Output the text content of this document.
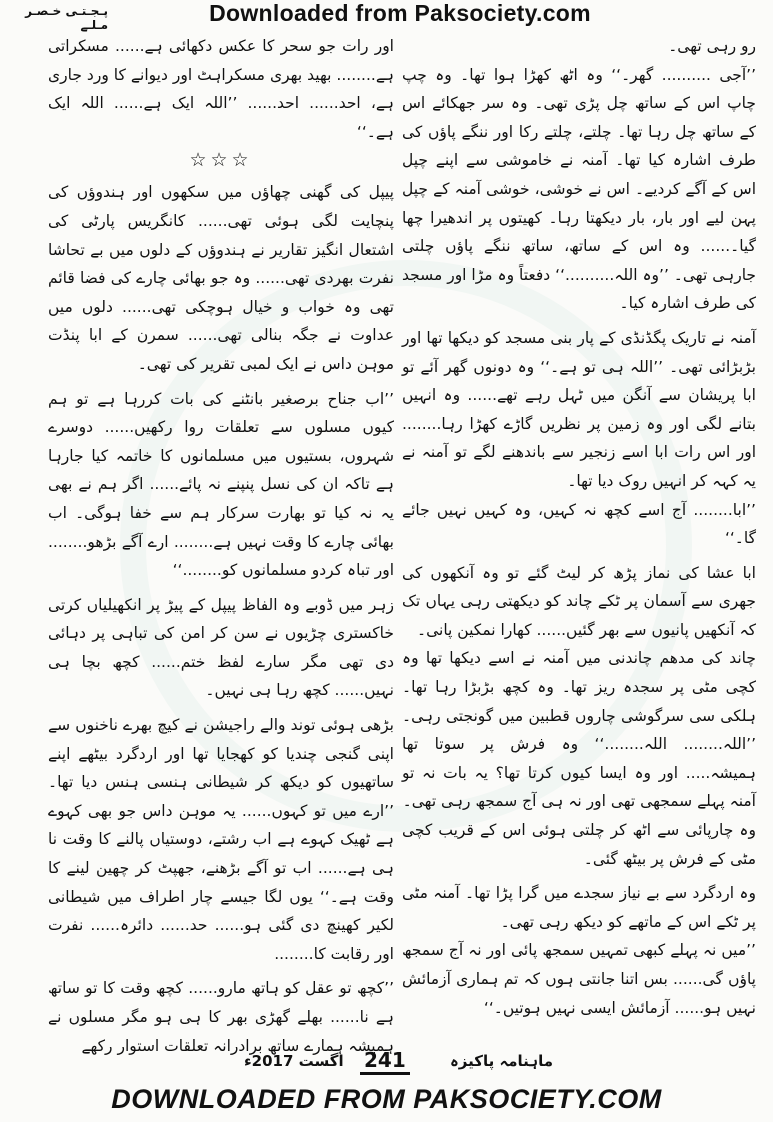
پـجـتـی خـصـر مـلـے	Downloaded from Paksociety.com

رو رہی تھی۔

’’آجی .......... گھر۔‘‘ وہ اٹھ کھڑا ہوا تھا۔ وہ چپ چاپ اس کے ساتھ چل پڑی تھی۔ وہ سر جھکائے اس کے ساتھ چل رہا تھا۔ چلتے، چلتے رکا اور ننگے پاؤں کی طرف اشارہ کیا تھا۔ آمنہ نے خاموشی سے اپنے چپل اس کے آگے کردیے۔ اس نے خوشی، خوشی آمنہ کے چپل پہن لیے اور بار، بار دیکھتا رہا۔ کھیتوں پر اندھیرا چھا گیا۔...... وہ اس کے ساتھ، ساتھ ننگے پاؤں چلتی جارہی تھی۔ ’’وہ اللہ..........‘‘ دفعتاً وہ مڑا اور مسجد کی طرف اشارہ کیا۔

آمنہ نے تاریک پگڈنڈی کے پار بنی مسجد کو دیکھا تھا اور بڑبڑائی تھی۔ ’’اللہ ہی تو ہے۔‘‘ وہ دونوں گھر آئے تو ابا پریشان سے آنگن میں ٹہل رہے تھے...... وہ انہیں بتانے لگی اور وہ زمین پر نظریں گاڑے کھڑا رہا........ اور اس رات ابا اسے زنجیر سے باندھنے لگے تو آمنہ نے یہ کہہ کر انہیں روک دیا تھا۔

’’ابا........ آج اسے کچھ نہ کہیں، وہ کہیں نہیں جائے گا۔‘‘

ابا عشا کی نماز پڑھ کر لیٹ گئے تو وہ آنکھوں کی جھری سے آسمان پر ٹکے چاند کو دیکھتی رہی یہاں تک کہ آنکھیں پانیوں سے بھر گئیں...... کھارا نمکین پانی۔

چاند کی مدھم چاندنی میں آمنہ نے اسے دیکھا تھا وہ کچی مٹی پر سجدہ ریز تھا۔ وہ کچھ بڑبڑا رہا تھا۔ ہلکی سی سرگوشی چاروں قطبین میں گونجتی رہی۔ ’’اللہ........ اللہ........‘‘ وہ فرش پر سوتا تھا ہمیشہ..... اور وہ ایسا کیوں کرتا تھا؟ یہ بات نہ تو آمنہ پہلے سمجھی تھی اور نہ ہی آج سمجھ رہی تھی۔

وہ چارپائی سے اٹھ کر چلتی ہوئی اس کے قریب کچی مٹی کے فرش پر بیٹھ گئی۔

وہ اردگرد سے بے نیاز سجدے میں گرا پڑا تھا۔ آمنہ مٹی پر ٹکے اس کے ماتھے کو دیکھ رہی تھی۔

’’میں نہ پہلے کبھی تمہیں سمجھ پائی اور نہ آج سمجھ پاؤں گی...... بس اتنا جانتی ہوں کہ تم ہماری آزمائش نہیں ہو...... آزمائش ایسی نہیں ہوتیں۔‘‘

اور رات جو سحر کا عکس دکھائی ہے...... مسکراتی ہے........ بھید بھری مسکراہٹ اور دیوانے کا ورد جاری ہے، احد...... احد...... ’’اللہ ایک ہے...... اللہ ایک ہے۔‘‘

☆☆☆

پیپل کی گھنی چھاؤں میں سکھوں اور ہندوؤں کی پنچایت لگی ہوئی تھی...... کانگریس پارٹی کی اشتعال انگیز تقاریر نے ہندوؤں کے دلوں میں بے تحاشا نفرت بھردی تھی...... وہ جو بھائی چارے کی فضا قائم تھی وہ خواب و خیال ہوچکی تھی...... دلوں میں عداوت نے جگہ بنالی تھی...... سمرن کے ابا پنڈت موہن داس نے ایک لمبی تقریر کی تھی۔

’’اب جناح برصغیر بانٹنے کی بات کررہا ہے تو ہم کیوں مسلوں سے تعلقات روا رکھیں...... دوسرے شہروں، بستیوں میں مسلمانوں کا خاتمہ کیا جارہا ہے تاکہ ان کی نسل پنپنے نہ پائے...... اگر ہم نے بھی یہ نہ کیا تو بھارت سرکار ہم سے خفا ہوگی۔ اب بھائی چارے کا وقت نہیں ہے........ ارے آگے بڑھو........ اور تباہ کردو مسلمانوں کو........‘‘

زہر میں ڈوبے وہ الفاظ پیپل کے پیڑ پر انکھیلیاں کرتی خاکستری چڑیوں نے سن کر امن کی تباہی پر دہائی دی تھی مگر سارے لفظ ختم...... کچھ بچا ہی نہیں...... کچھ رہا ہی نہیں۔

بڑھی ہوئی توند والے راجیشن نے کیچ بھرے ناخنوں سے اپنی گنجی چندیا کو کھجایا تھا اور اردگرد بیٹھے اپنے ساتھیوں کو دیکھ کر شیطانی ہنسی ہنس دیا تھا۔ ’’ارے میں تو کہوں...... یہ موہن داس جو بھی کہوے ہے ٹھیک کہوے ہے اب رشتے، دوستیاں پالنے کا وقت نا ہی ہے...... اب تو آگے بڑھنے، جھپٹ کر چھین لینے کا وقت ہے۔‘‘ یوں لگا جیسے چار اطراف میں شیطانی لکیر کھینچ دی گئی ہو...... حد...... دائرہ...... نفرت اور رقابت کا........

’’کچھ تو عقل کو ہاتھ مارو...... کچھ وقت کا تو ساتھ ہے نا...... بھلے گھڑی بھر کا ہی ہو مگر مسلوں نے ہمیشہ ہمارے ساتھ برادرانہ تعلقات استوار رکھے

اگست 2017ء 241	ماہنامہ پاکیزہ
DOWNLOADED FROM PAKSOCIETY.COM
